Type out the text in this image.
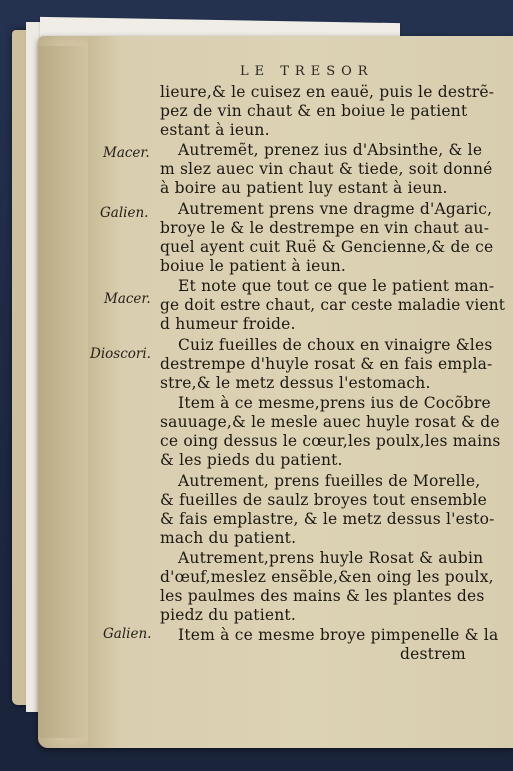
LE TRESOR
Macer.
Galien.
Macer.
Dioscori.
Galien.
lieure,& le cuisez en eauë, puis le destrẽ-
pez de vin chaut & en boiue le patient
estant à ieun.
Autremẽt, prenez ius d'Absinthe, & le
m slez auec vin chaut & tiede, soit donné
à boire au patient luy estant à ieun.
Autrement prens vne dragme d'Agaric,
broye le & le destrempe en vin chaut au-
quel ayent cuit Ruë & Gencienne,& de ce
boiue le patient à ieun.
Et note que tout ce que le patient man-
ge doit estre chaut, car ceste maladie vient
d humeur froide.
Cuiz fueilles de choux en vinaigre &les
destrempe d'huyle rosat & en fais empla-
stre,& le metz dessus l'estomach.
Item à ce mesme,prens ius de Cocõbre
sauuage,& le mesle auec huyle rosat & de
ce oing dessus le cœur,les poulx,les mains
& les pieds du patient.
Autrement, prens fueilles de Morelle,
& fueilles de saulz broyes tout ensemble
& fais emplastre, & le metz dessus l'esto-
mach du patient.
Autrement,prens huyle Rosat & aubin
d'œuf,meslez ensẽble,&en oing les poulx,
les paulmes des mains & les plantes des
piedz du patient.
Item à ce mesme broye pimpenelle & la
destrem
